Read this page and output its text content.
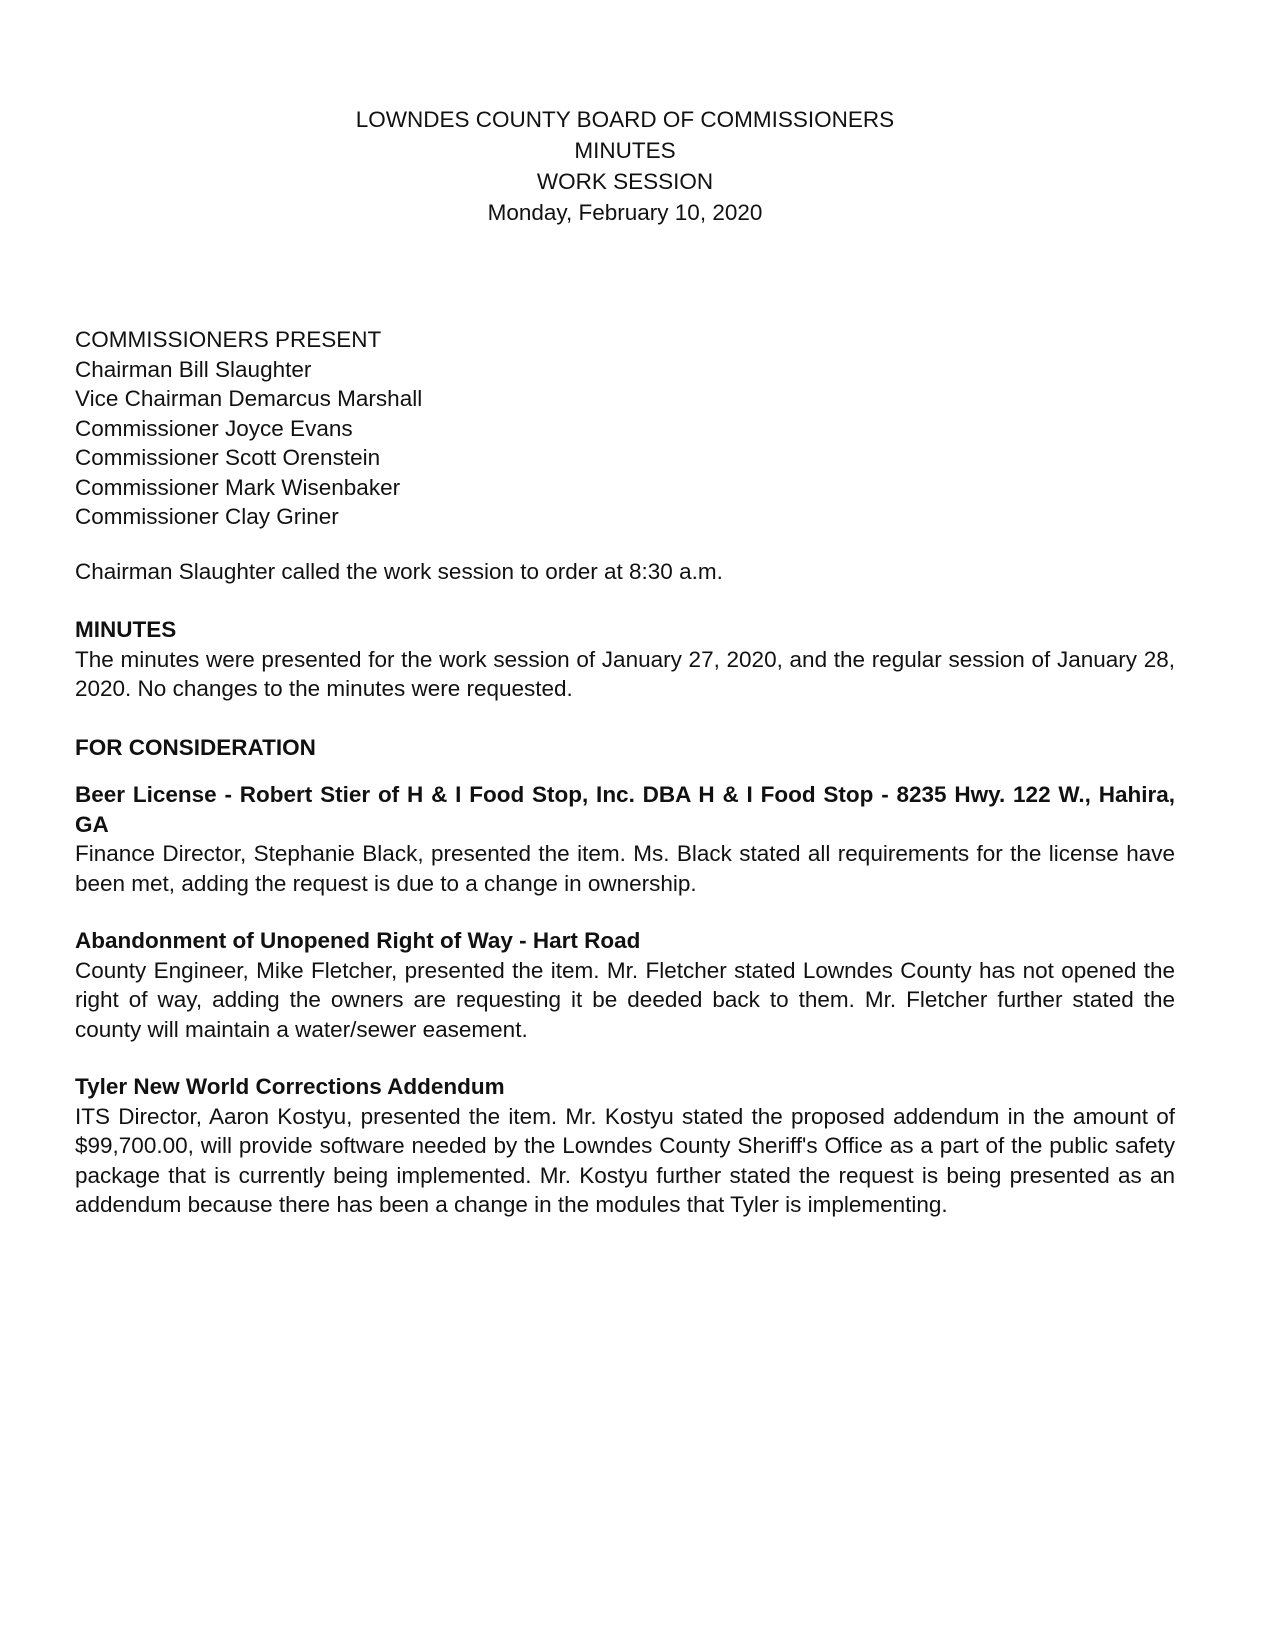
LOWNDES COUNTY BOARD OF COMMISSIONERS
MINUTES
WORK SESSION
Monday, February 10, 2020
COMMISSIONERS PRESENT
Chairman Bill Slaughter
Vice Chairman Demarcus Marshall
Commissioner Joyce Evans
Commissioner Scott Orenstein
Commissioner Mark Wisenbaker
Commissioner Clay Griner

Chairman Slaughter called the work session to order at 8:30 a.m.

MINUTES

The minutes were presented for the work session of January 27, 2020, and the regular session of January 28, 2020. No changes to the minutes were requested.

FOR CONSIDERATION

Beer License - Robert Stier of H & I Food Stop, Inc. DBA H & I Food Stop - 8235 Hwy. 122 W., Hahira, GA

Finance Director, Stephanie Black, presented the item. Ms. Black stated all requirements for the license have been met, adding the request is due to a change in ownership.

Abandonment of Unopened Right of Way - Hart Road

County Engineer, Mike Fletcher, presented the item. Mr. Fletcher stated Lowndes County has not opened the right of way, adding the owners are requesting it be deeded back to them. Mr. Fletcher further stated the county will maintain a water/sewer easement.

Tyler New World Corrections Addendum

ITS Director, Aaron Kostyu, presented the item. Mr. Kostyu stated the proposed addendum in the amount of $99,700.00, will provide software needed by the Lowndes County Sheriff's Office as a part of the public safety package that is currently being implemented. Mr. Kostyu further stated the request is being presented as an addendum because there has been a change in the modules that Tyler is implementing.
